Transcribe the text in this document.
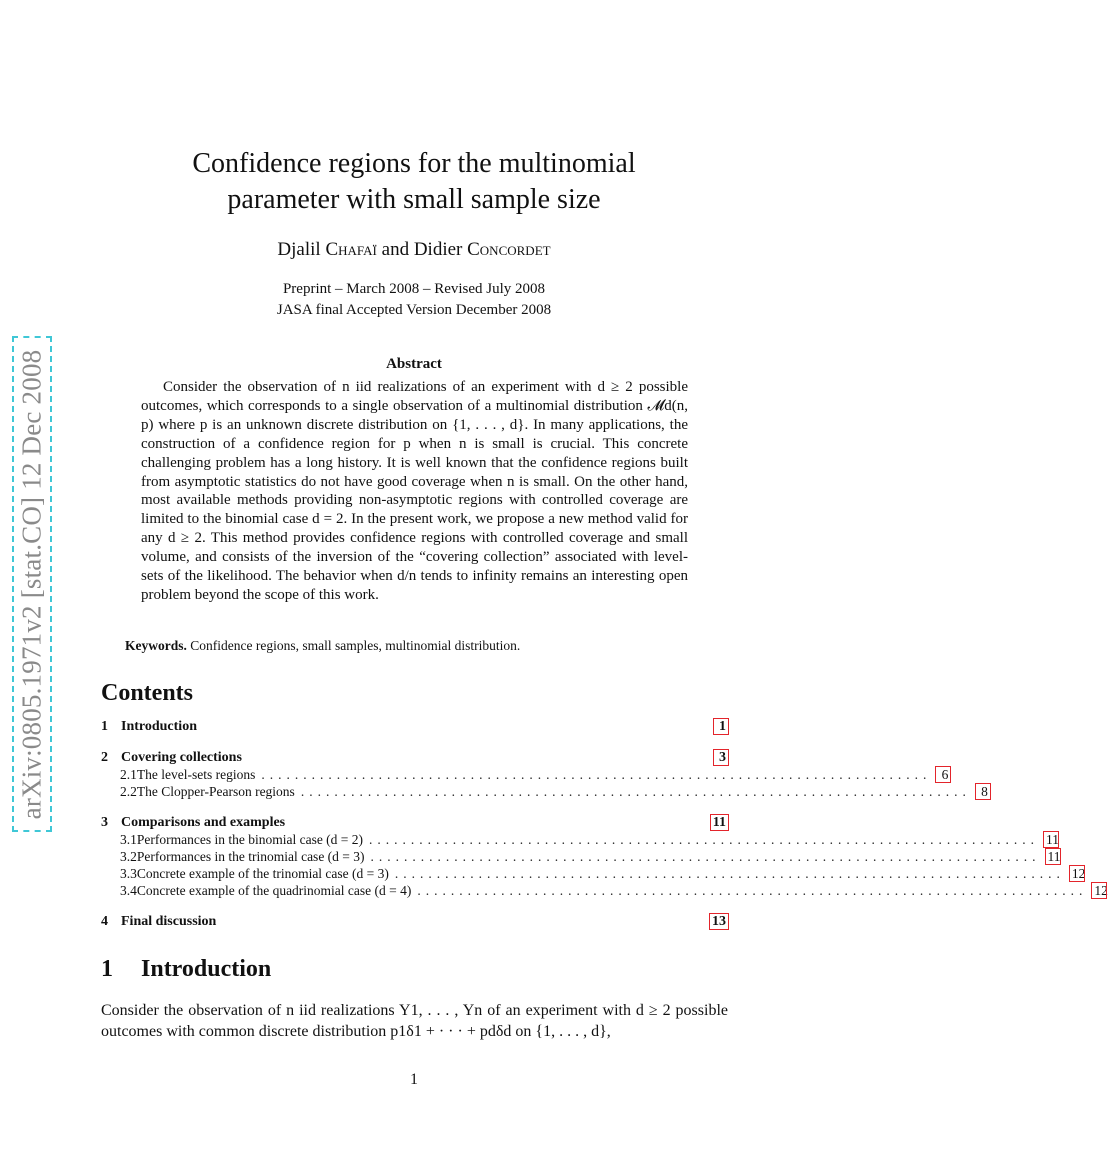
arXiv:0805.1971v2 [stat.CO] 12 Dec 2008
Confidence regions for the multinomial
parameter with small sample size
Djalil Chafaï and Didier Concordet
Preprint – March 2008 – Revised July 2008
JASA final Accepted Version December 2008
Abstract

Consider the observation of n iid realizations of an experiment with d ≥ 2 possible outcomes, which corresponds to a single observation of a multinomial distribution 𝓜d(n, p) where p is an unknown discrete distribution on {1, . . . , d}. In many applications, the construction of a confidence region for p when n is small is crucial. This concrete challenging problem has a long history. It is well known that the confidence regions built from asymptotic statistics do not have good coverage when n is small. On the other hand, most available methods providing non-asymptotic regions with controlled coverage are limited to the binomial case d = 2. In the present work, we propose a new method valid for any d ≥ 2. This method provides confidence regions with controlled coverage and small volume, and consists of the inversion of the “covering collection” associated with level-sets of the likelihood. The behavior when d/n tends to infinity remains an interesting open problem beyond the scope of this work.

Keywords. Confidence regions, small samples, multinomial distribution.
Contents
1 Introduction	1
2 Covering collections	3
2.1 The level-sets regions ................................................................................ 6
2.2 The Clopper-Pearson regions ................................................................................ 8
3 Comparisons and examples	11
3.1 Performances in the binomial case (d = 2) ................................................................................ 11
3.2 Performances in the trinomial case (d = 3) ................................................................................ 11
3.3 Concrete example of the trinomial case (d = 3) ................................................................................ 12
3.4 Concrete example of the quadrinomial case (d = 4) ................................................................................ 12
4 Final discussion	13
1 Introduction

Consider the observation of n iid realizations Y1, . . . , Yn of an experiment with d ≥ 2 possible outcomes with common discrete distribution p1δ1 + · · · + pdδd on {1, . . . , d},

1
